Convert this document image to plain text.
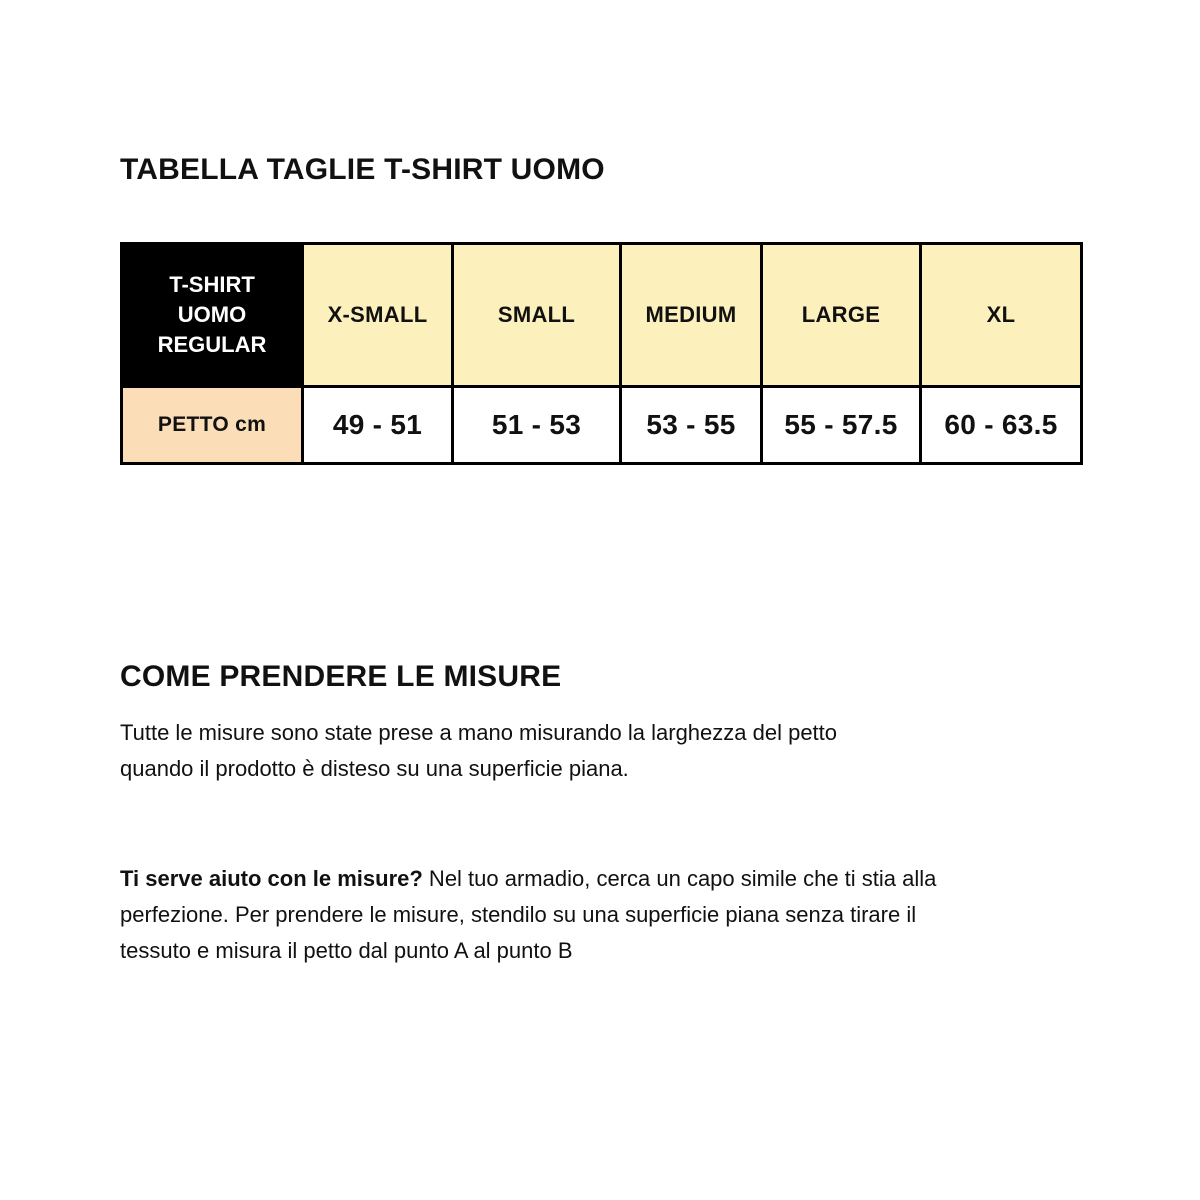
TABELLA TAGLIE T-SHIRT UOMO
T-SHIRT
UOMO
REGULAR	X-SMALL	SMALL	MEDIUM	LARGE	XL
PETTO cm	49 - 51	51 - 53	53 - 55	55 - 57.5	60 - 63.5
COME PRENDERE LE MISURE
Tutte le misure sono state prese a mano misurando la larghezza del petto
quando il prodotto è disteso su una superficie piana.
Ti serve aiuto con le misure? Nel tuo armadio, cerca un capo simile che ti stia alla
perfezione. Per prendere le misure, stendilo su una superficie piana senza tirare il
tessuto e misura il petto dal punto A al punto B
